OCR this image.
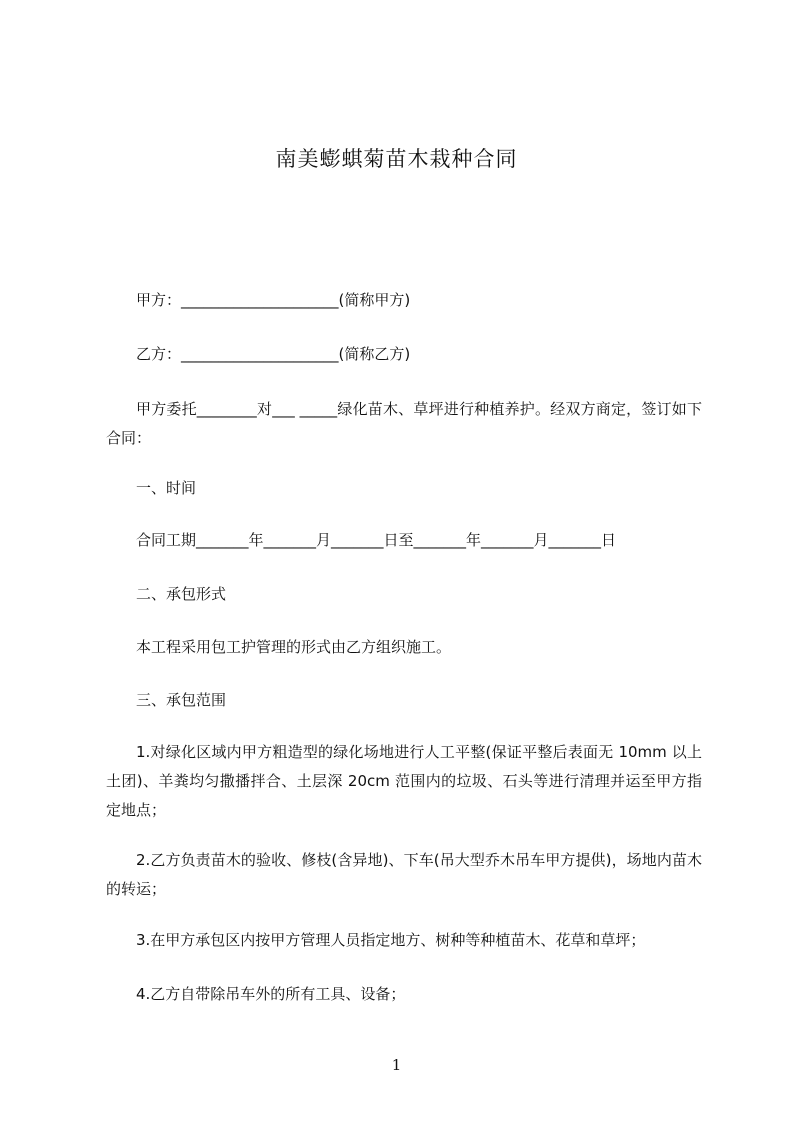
南美蟛蜞菊苗木栽种合同
甲方：_____________________(简称甲方)
乙方：_____________________(简称乙方)
甲方委托________对___ _____绿化苗木、草坪进行种植养护。经双方商定，签订如下合同：
一、时间
合同工期_______年_______月_______日至_______年_______月_______日
二、承包形式
本工程采用包工护管理的形式由乙方组织施工。
三、承包范围
1.对绿化区域内甲方粗造型的绿化场地进行人工平整(保证平整后表面无 10mm 以上土团)、羊粪均匀撒播拌合、土层深 20cm 范围内的垃圾、石头等进行清理并运至甲方指定地点；
2.乙方负责苗木的验收、修枝(含异地)、下车(吊大型乔木吊车甲方提供)，场地内苗木的转运；
3.在甲方承包区内按甲方管理人员指定地方、树种等种植苗木、花草和草坪；
4.乙方自带除吊车外的所有工具、设备；
1
